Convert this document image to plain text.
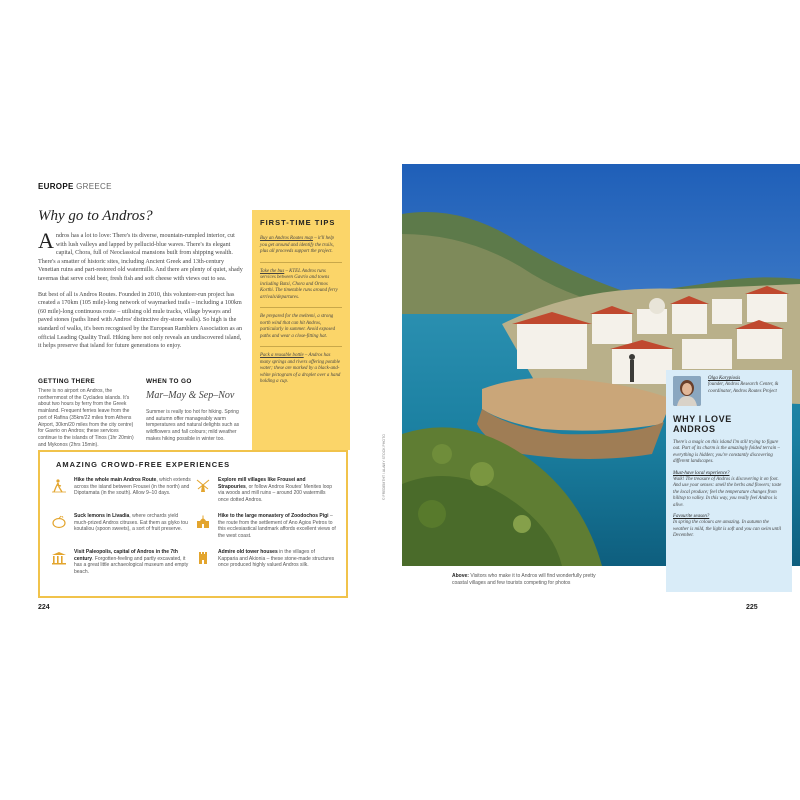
EUROPE GREECE
Why go to Andros?

Andros has a lot to love: There's its diverse, mountain-rumpled interior, cut with lush valleys and lapped by pellucid-blue waves. There's its elegant capital, Chora, full of Neoclassical mansions built from shipping wealth. There's a smatter of historic sites, including Ancient Greek and 13th-century Venetian ruins and part-restored old watermills. And there are plenty of quiet, shady tavernas that serve cold beer, fresh fish and soft cheese with views out to sea.

But best of all is Andros Routes. Founded in 2010, this volunteer-run project has created a 170km (105 mile)-long network of waymarked trails – including a 100km (60 mile)-long continuous route – utilising old mule tracks, village byways and paved stones (paths lined with Andros' distinctive dry-stone walls). So high is the standard of walks, it's been recognised by the European Ramblers Association as an official Leading Quality Trail. Hiking here not only reveals an undiscovered island, it helps preserve that island for future generations to enjoy.

GETTING THERE
There is no airport on Andros, the northernmost of the Cyclades islands. It's about two hours by ferry from the Greek mainland. Frequent ferries leave from the port of Rafina (35km/22 miles from Athens Airport, 30km/20 miles from the city centre) for Gavrio on Andros; these services continue to the islands of Tinos (1hr 20min) and Mykonos (2hrs 15min).
WHEN TO GO
Mar–May & Sep–Nov
Summer is really too hot for hiking. Spring and autumn offer manageably warm temperatures and natural delights such as wildflowers and fall colours; mild weather makes hiking possible in winter too.
FIRST-TIME TIPS
Buy an Andros Routes map – it'll help you get around and identify the trails, plus all proceeds support the project.
Take the bus – KTEL Andros runs services between Gavrio and towns including Batsi, Chora and Ormos Korthi. The timetable runs around ferry arrivals/departures.
Be prepared for the meltemi, a strong north wind that can hit Andros, particularly in summer. Avoid exposed paths and wear a close-fitting hat.
Pack a reusable bottle – Andros has many springs and rivers offering potable water; these are marked by a black-and-white pictogram of a droplet over a hand holding a cup.
AMAZING CROWD-FREE EXPERIENCES
Hike the whole main Andros Route, which extends across the island between Frousei (in the north) and Dipotamata (in the south). Allow 9–10 days.
Suck lemons in Livadia, where orchards yield much-prized Andros citruses. Eat them as glyko tou koutaliou (spoon sweets), a sort of fruit preserve.
Visit Paleopolis, capital of Andros in the 7th century. Forgotten-feeling and partly excavated, it has a great little archaeological museum and empty beach.
Explore mill villages like Frousei and Strapouries, or follow Andros Routes' Menites loop via woods and mill ruins – around 200 watermills once dotted Andros.
Hike to the large monastery of Zoodochos Pigi – the route from the settlement of Ano Agios Petros to this ecclesiastical landmark affords excellent views of the west coast.
Admire old tower houses in the villages of Kapparia and Akionia – these stone-made structures once produced highly valued Andros silk.
224
© FREDEMTHT / ALAMY STOCK PHOTO
Above: Visitors who make it to Andros will find wonderfully pretty coastal villages and few tourists competing for photos
Olga Karypiosis
founder, Andros Research Center, & coordinator, Andros Routes Project
WHY I LOVE
ANDROS

There's a magic on this island I'm still trying to figure out. Part of its charm is the amazingly folded terrain – everything is hidden; you're constantly discovering different landscapes.

Must-have local experience?
Walk! The treasure of Andros is discovering it on foot. And use your senses: smell the herbs and flowers; taste the local produce; feel the temperature changes from hilltop to valley. In this way, you really feel Andros is alive.

Favourite season?
In spring the colours are amazing. In autumn the weather is mild, the light is soft and you can swim until December.

225
